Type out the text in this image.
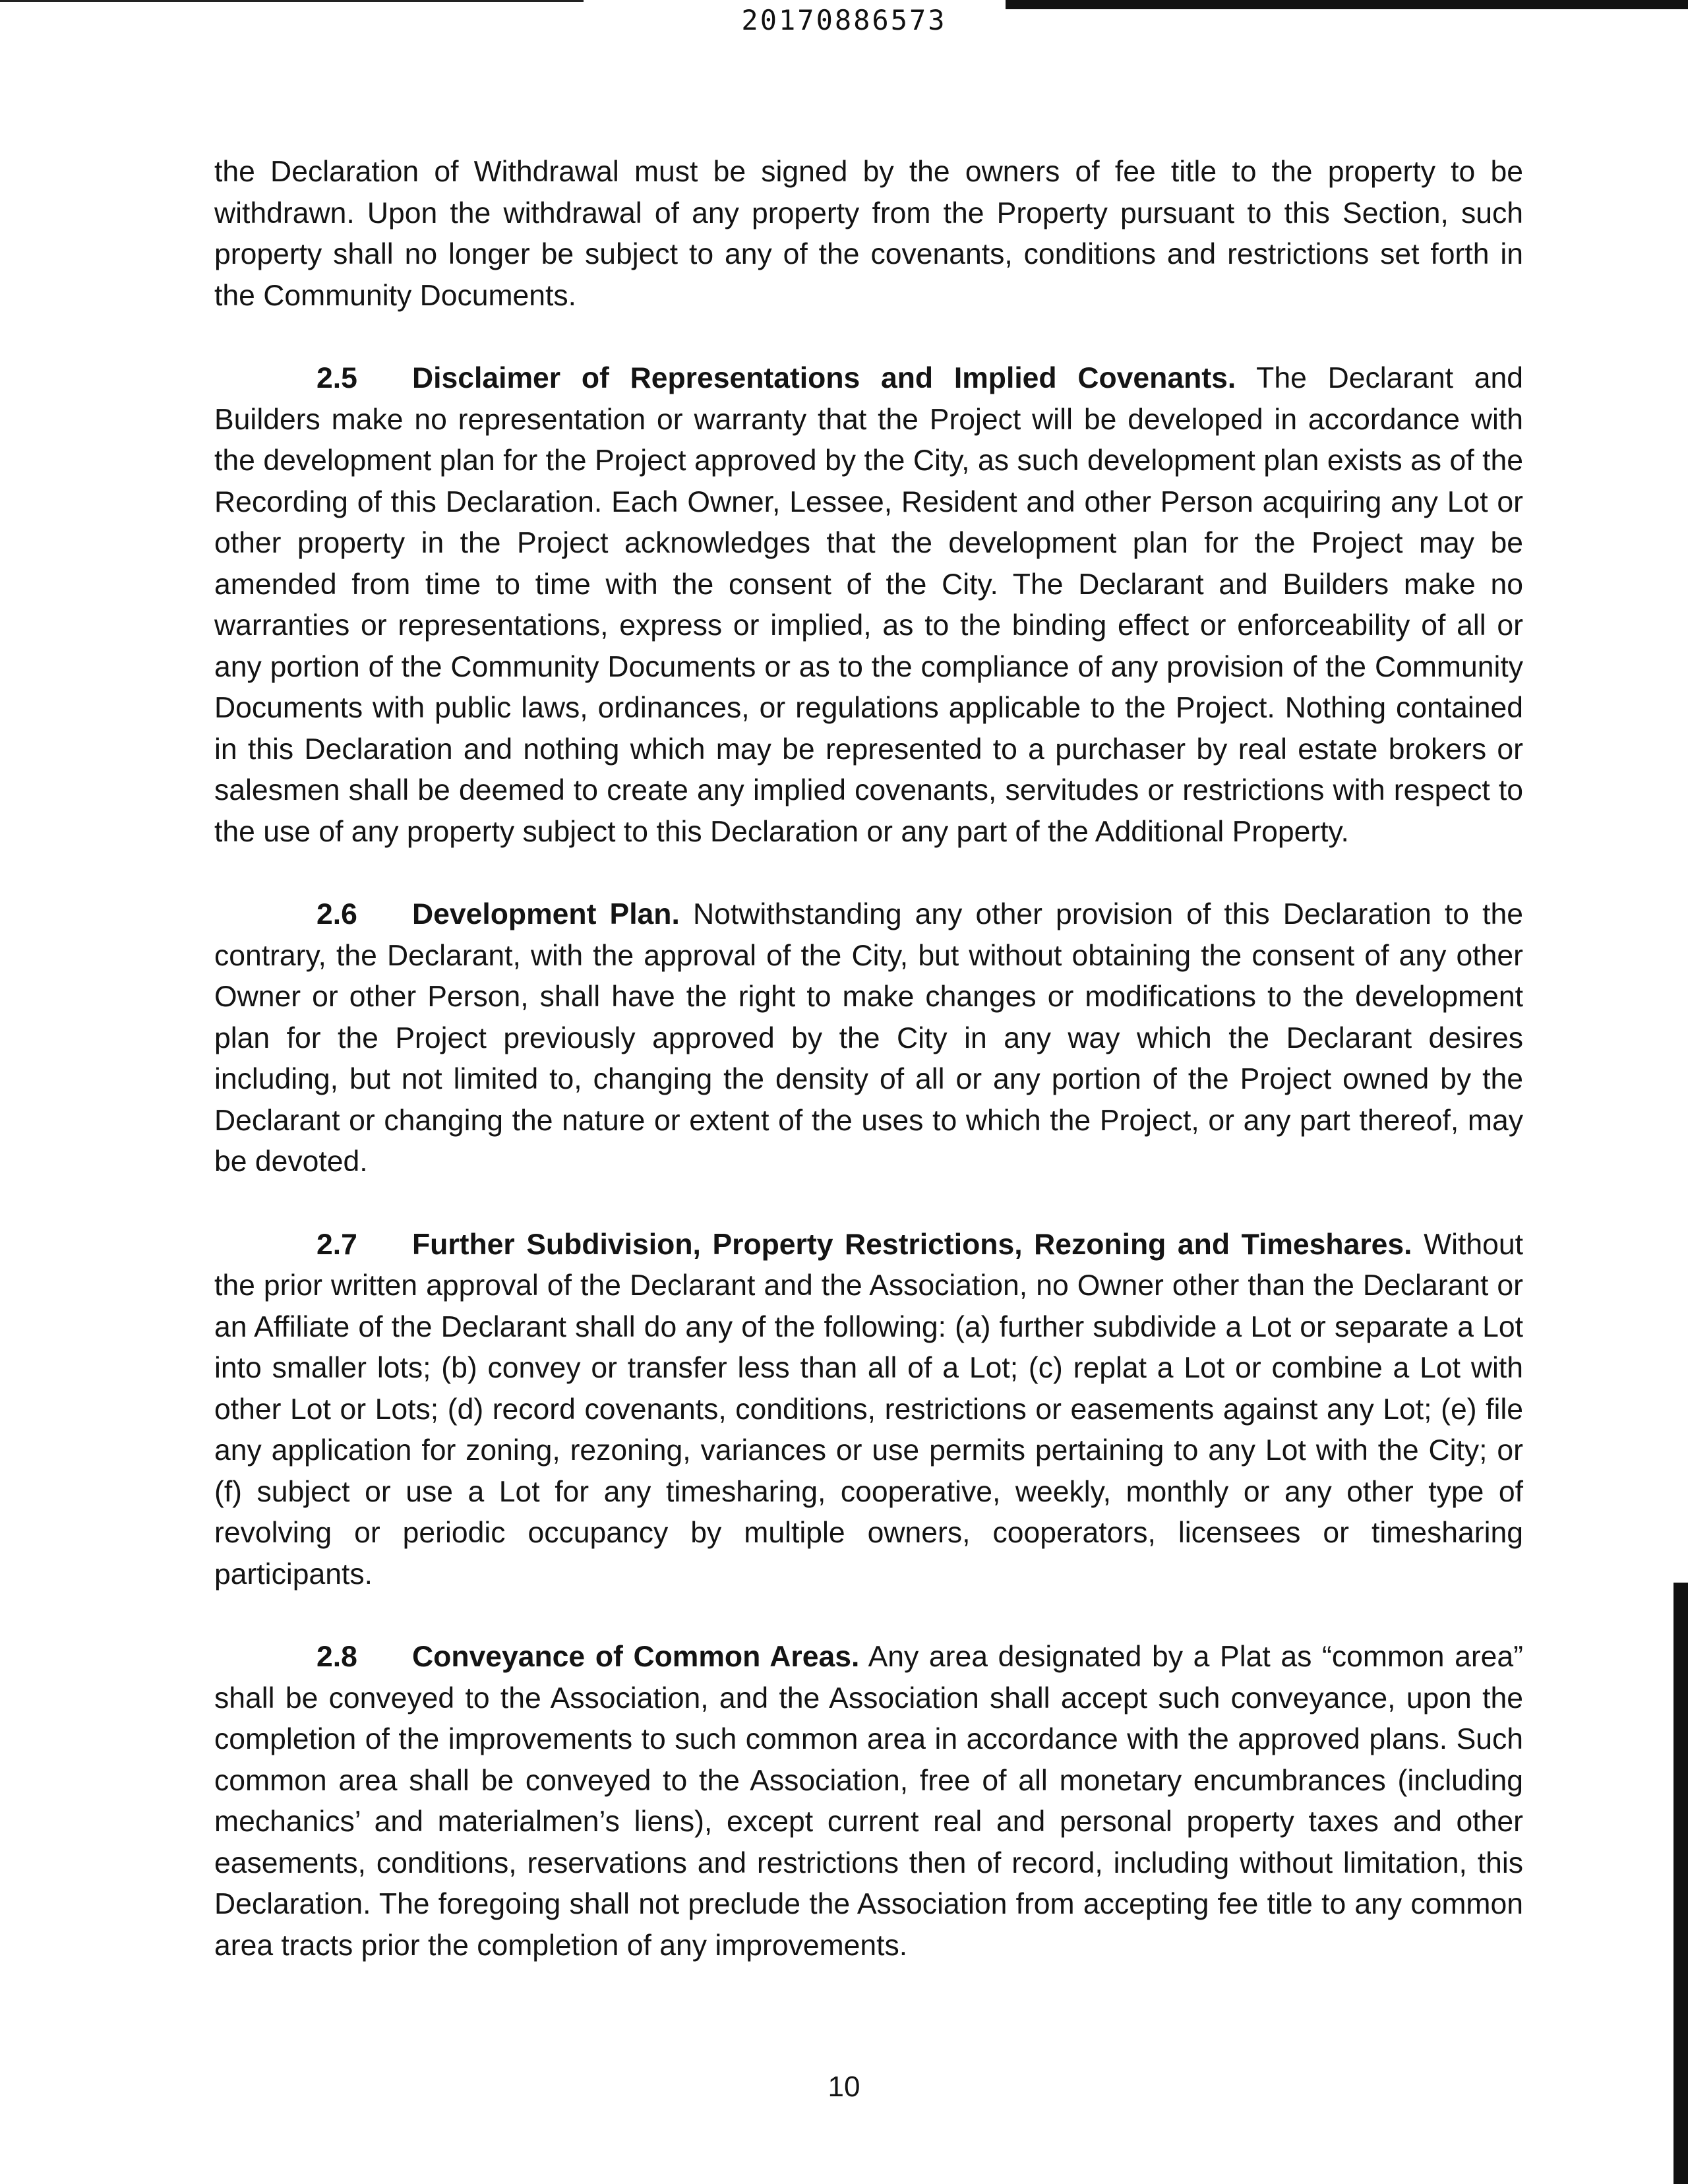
20170886573

the Declaration of Withdrawal must be signed by the owners of fee title to the property to be withdrawn. Upon the withdrawal of any property from the Property pursuant to this Section, such property shall no longer be subject to any of the covenants, conditions and restrictions set forth in the Community Documents.

2.5 Disclaimer of Representations and Implied Covenants. The Declarant and Builders make no representation or warranty that the Project will be developed in accordance with the development plan for the Project approved by the City, as such development plan exists as of the Recording of this Declaration. Each Owner, Lessee, Resident and other Person acquiring any Lot or other property in the Project acknowledges that the development plan for the Project may be amended from time to time with the consent of the City. The Declarant and Builders make no warranties or representations, express or implied, as to the binding effect or enforceability of all or any portion of the Community Documents or as to the compliance of any provision of the Community Documents with public laws, ordinances, or regulations applicable to the Project. Nothing contained in this Declaration and nothing which may be represented to a purchaser by real estate brokers or salesmen shall be deemed to create any implied covenants, servitudes or restrictions with respect to the use of any property subject to this Declaration or any part of the Additional Property.

2.6 Development Plan. Notwithstanding any other provision of this Declaration to the contrary, the Declarant, with the approval of the City, but without obtaining the consent of any other Owner or other Person, shall have the right to make changes or modifications to the development plan for the Project previously approved by the City in any way which the Declarant desires including, but not limited to, changing the density of all or any portion of the Project owned by the Declarant or changing the nature or extent of the uses to which the Project, or any part thereof, may be devoted.

2.7 Further Subdivision, Property Restrictions, Rezoning and Timeshares. Without the prior written approval of the Declarant and the Association, no Owner other than the Declarant or an Affiliate of the Declarant shall do any of the following: (a) further subdivide a Lot or separate a Lot into smaller lots; (b) convey or transfer less than all of a Lot; (c) replat a Lot or combine a Lot with other Lot or Lots; (d) record covenants, conditions, restrictions or easements against any Lot; (e) file any application for zoning, rezoning, variances or use permits pertaining to any Lot with the City; or (f) subject or use a Lot for any timesharing, cooperative, weekly, monthly or any other type of revolving or periodic occupancy by multiple owners, cooperators, licensees or timesharing participants.

2.8 Conveyance of Common Areas. Any area designated by a Plat as “common area” shall be conveyed to the Association, and the Association shall accept such conveyance, upon the completion of the improvements to such common area in accordance with the approved plans. Such common area shall be conveyed to the Association, free of all monetary encumbrances (including mechanics’ and materialmen’s liens), except current real and personal property taxes and other easements, conditions, reservations and restrictions then of record, including without limitation, this Declaration. The foregoing shall not preclude the Association from accepting fee title to any common area tracts prior the completion of any improvements.

10
